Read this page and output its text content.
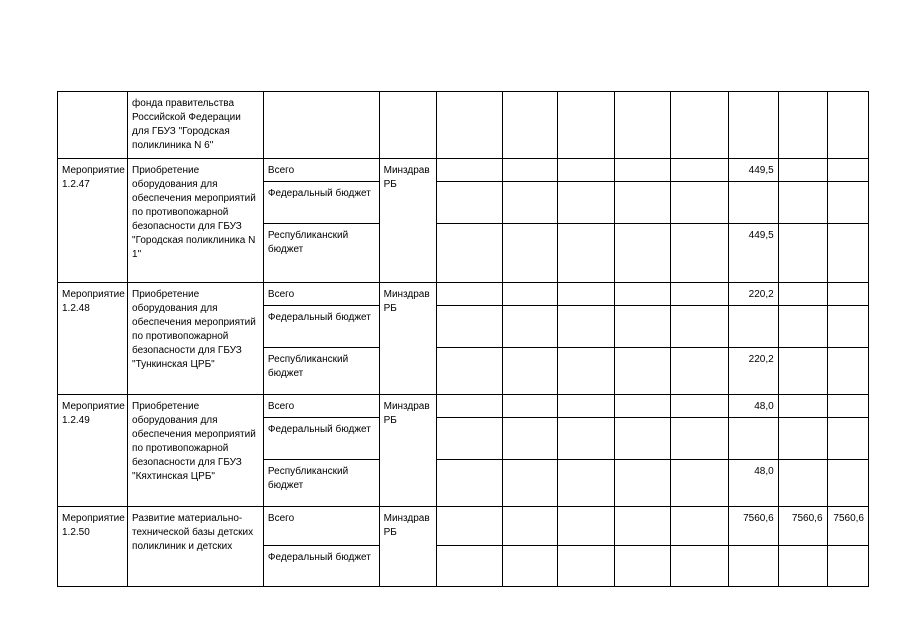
	фонда правительства Российской Федерации для ГБУЗ "Городская поликлиника N 6"										
Мероприятие 1.2.47	Приобретение оборудования для обеспечения мероприятий по противопожарной безопасности для ГБУЗ "Городская поликлиника N 1"	Всего	Минздрав РБ						449,5		
		Федеральный бюджет									
		Республиканский бюджет							449,5		
Мероприятие 1.2.48	Приобретение оборудования для обеспечения мероприятий по противопожарной безопасности для ГБУЗ "Тункинская ЦРБ"	Всего	Минздрав РБ						220,2		
		Федеральный бюджет									
		Республиканский бюджет							220,2		
Мероприятие 1.2.49	Приобретение оборудования для обеспечения мероприятий по противопожарной безопасности для ГБУЗ "Кяхтинская ЦРБ"	Всего	Минздрав РБ						48,0		
		Федеральный бюджет									
		Республиканский бюджет							48,0		
Мероприятие 1.2.50	Развитие материально-технической базы детских поликлиник и детских	Всего	Минздрав РБ						7560,6	7560,6	7560,6
		Федеральный бюджет									
